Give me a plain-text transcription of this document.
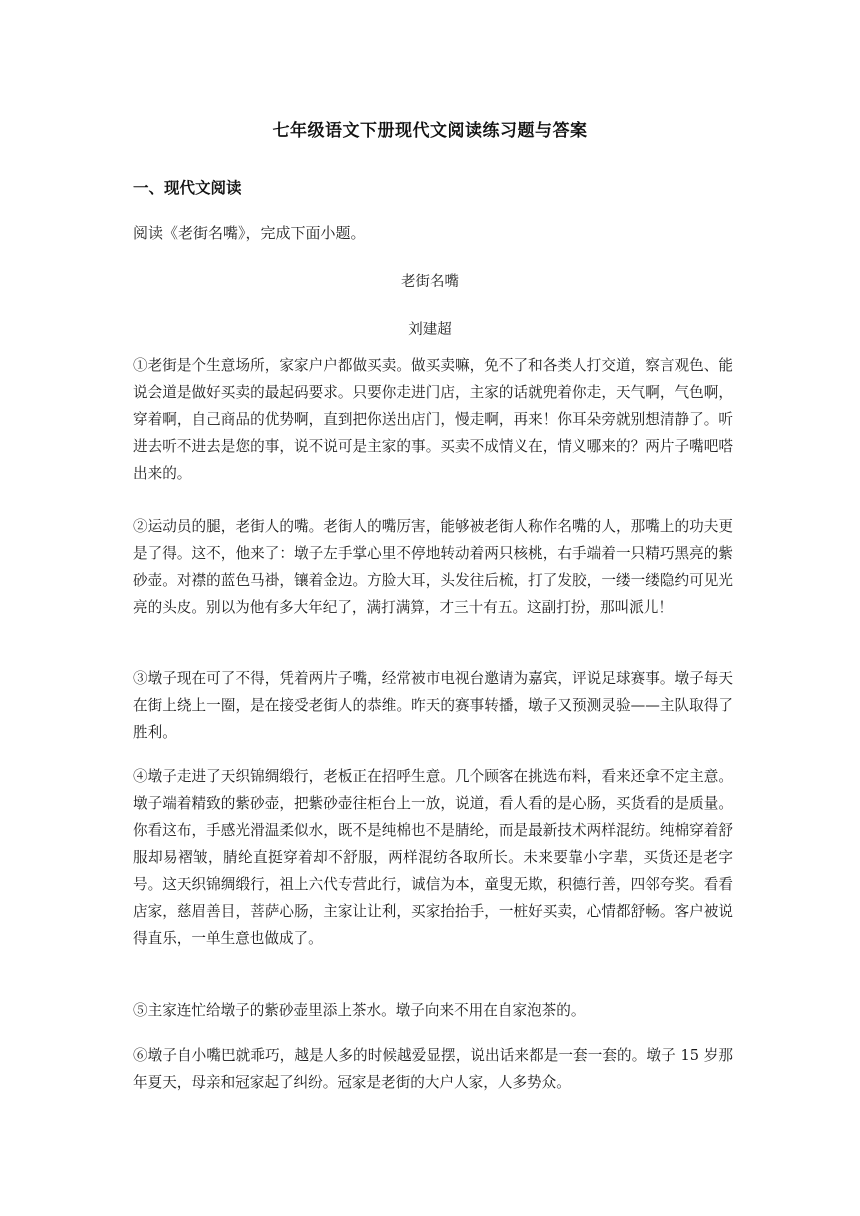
七年级语文下册现代文阅读练习题与答案
一、现代文阅读
阅读《老街名嘴》，完成下面小题。
老街名嘴
刘建超

①老街是个生意场所，家家户户都做买卖。做买卖嘛，免不了和各类人打交道，察言观色、能说会道是做好买卖的最起码要求。只要你走进门店，主家的话就兜着你走，天气啊，气色啊，穿着啊，自己商品的优势啊，直到把你送出店门，慢走啊，再来！你耳朵旁就别想清静了。听进去听不进去是您的事，说不说可是主家的事。买卖不成情义在，情义哪来的？两片子嘴吧嗒出来的。

②运动员的腿，老街人的嘴。老街人的嘴厉害，能够被老街人称作名嘴的人，那嘴上的功夫更是了得。这不，他来了：墩子左手掌心里不停地转动着两只核桃，右手端着一只精巧黑亮的紫砂壶。对襟的蓝色马褂，镶着金边。方脸大耳，头发往后梳，打了发胶，一缕一缕隐约可见光亮的头皮。别以为他有多大年纪了，满打满算，才三十有五。这副打扮，那叫派儿！

③墩子现在可了不得，凭着两片子嘴，经常被市电视台邀请为嘉宾，评说足球赛事。墩子每天在街上绕上一圈，是在接受老街人的恭维。昨天的赛事转播，墩子又预测灵验——主队取得了胜利。

④墩子走进了天织锦绸缎行，老板正在招呼生意。几个顾客在挑选布料，看来还拿不定主意。墩子端着精致的紫砂壶，把紫砂壶往柜台上一放，说道，看人看的是心肠，买货看的是质量。你看这布，手感光滑温柔似水，既不是纯棉也不是腈纶，而是最新技术两样混纺。纯棉穿着舒服却易褶皱，腈纶直挺穿着却不舒服，两样混纺各取所长。未来要靠小字辈，买货还是老字号。这天织锦绸缎行，祖上六代专营此行，诚信为本，童叟无欺，积德行善，四邻夸奖。看看店家，慈眉善目，菩萨心肠，主家让让利，买家抬抬手，一桩好买卖，心情都舒畅。客户被说得直乐，一单生意也做成了。

⑤主家连忙给墩子的紫砂壶里添上茶水。墩子向来不用在自家泡茶的。

⑥墩子自小嘴巴就乖巧，越是人多的时候越爱显摆，说出话来都是一套一套的。墩子 15 岁那年夏天，母亲和冠家起了纠纷。冠家是老街的大户人家，人多势众。
